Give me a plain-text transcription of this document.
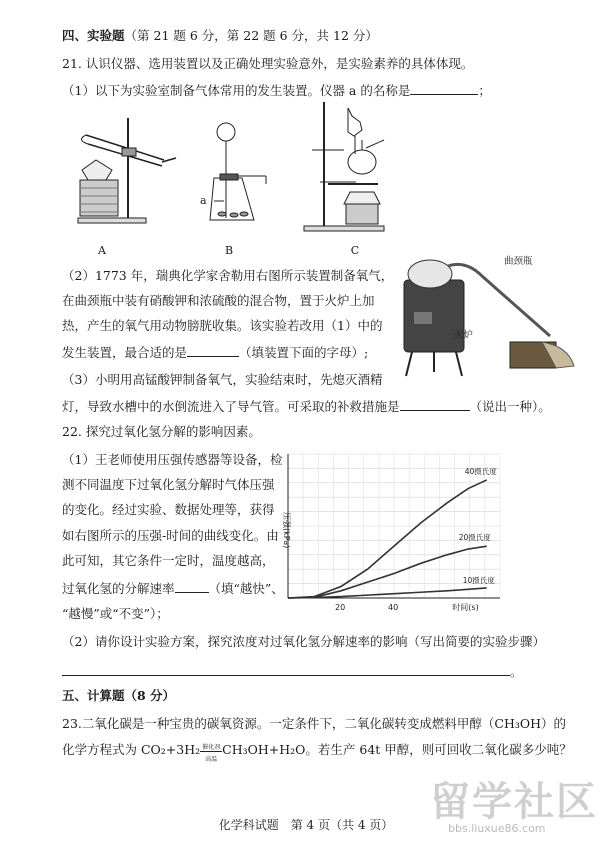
四、实验题（第 21 题 6 分，第 22 题 6 分，共 12 分）
21. 认识仪器、选用装置以及正确处理实验意外，是实验素养的具体体现。
（1）以下为实验室制备气体常用的发生装置。仪器 a 的名称是	；
a
A	B	C
（2）1773 年，瑞典化学家舍勒用右图所示装置制备氧气，
在曲颈瓶中装有硝酸钾和浓硫酸的混合物，置于火炉上加
热，产生的氧气用动物膀胱收集。该实验若改用（1）中的
发生装置，最合适的是	（填装置下面的字母）;
曲颈瓶
火炉
（3）小明用高锰酸钾制备氧气，实验结束时，先熄灭酒精
灯，导致水槽中的水倒流进入了导气管。可采取的补救措施是	（说出一种）。
22. 探究过氧化氢分解的影响因素。
（1）王老师使用压强传感器等设备，检
测不同温度下过氧化氢分解时气体压强
的变化。经过实验、数据处理等，获得
如右图所示的压强-时间的曲线变化。由
此可知，其它条件一定时，温度越高，
过氧化氢的分解速率	（填“越快”、
“越慢”或“不变”）；
压强(kPa)
时间(s)
20	40
40摄氏度
20摄氏度
10摄氏度
（2）请你设计实验方案，探究浓度对过氧化氢分解速率的影响（写出简要的实验步骤）
。
五、计算题（8 分）
23.二氧化碳是一种宝贵的碳氧资源。一定条件下，二氧化碳转变成燃料甲醇（CH₃OH）的
化学方程式为 CO₂+3H₂ 催化剂
高温
CH₃OH+H₂O。若生产 64t 甲醇，则可回收二氧化碳多少吨？
留学社区
bbs.liuxue86.com
化学科试题　第 4 页（共 4 页）
